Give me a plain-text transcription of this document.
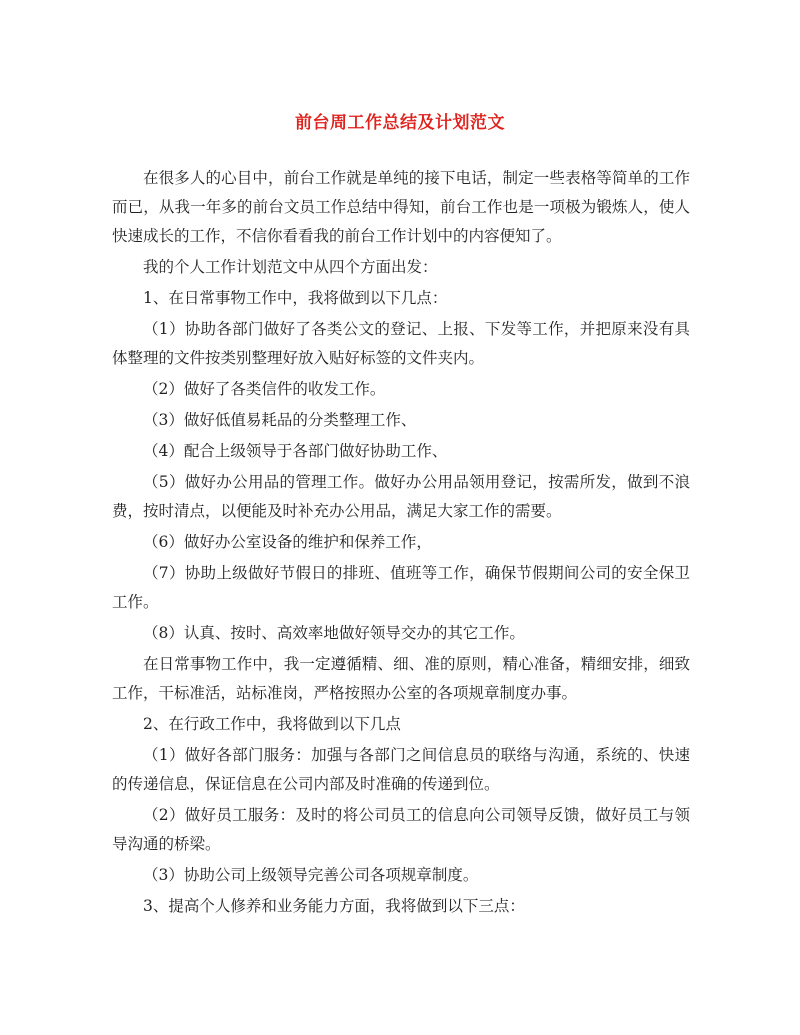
前台周工作总结及计划范文

在很多人的心目中，前台工作就是单纯的接下电话，制定一些表格等简单的工作而已，从我一年多的前台文员工作总结中得知，前台工作也是一项极为锻炼人，使人快速成长的工作，不信你看看我的前台工作计划中的内容便知了。

我的个人工作计划范文中从四个方面出发：

1、在日常事物工作中，我将做到以下几点：

（1）协助各部门做好了各类公文的登记、上报、下发等工作，并把原来没有具体整理的文件按类别整理好放入贴好标签的文件夹内。

（2）做好了各类信件的收发工作。

（3）做好低值易耗品的分类整理工作、

（4）配合上级领导于各部门做好协助工作、

（5）做好办公用品的管理工作。做好办公用品领用登记，按需所发，做到不浪费，按时清点，以便能及时补充办公用品，满足大家工作的需要。

（6）做好办公室设备的维护和保养工作，

（7）协助上级做好节假日的排班、值班等工作，确保节假期间公司的安全保卫工作。

（8）认真、按时、高效率地做好领导交办的其它工作。

在日常事物工作中，我一定遵循精、细、准的原则，精心准备，精细安排，细致工作，干标准活，站标准岗，严格按照办公室的各项规章制度办事。

2、在行政工作中，我将做到以下几点

（1）做好各部门服务：加强与各部门之间信息员的联络与沟通，系统的、快速的传递信息，保证信息在公司内部及时准确的传递到位。

（2）做好员工服务：及时的将公司员工的信息向公司领导反馈，做好员工与领导沟通的桥梁。

（3）协助公司上级领导完善公司各项规章制度。

3、提高个人修养和业务能力方面，我将做到以下三点：
